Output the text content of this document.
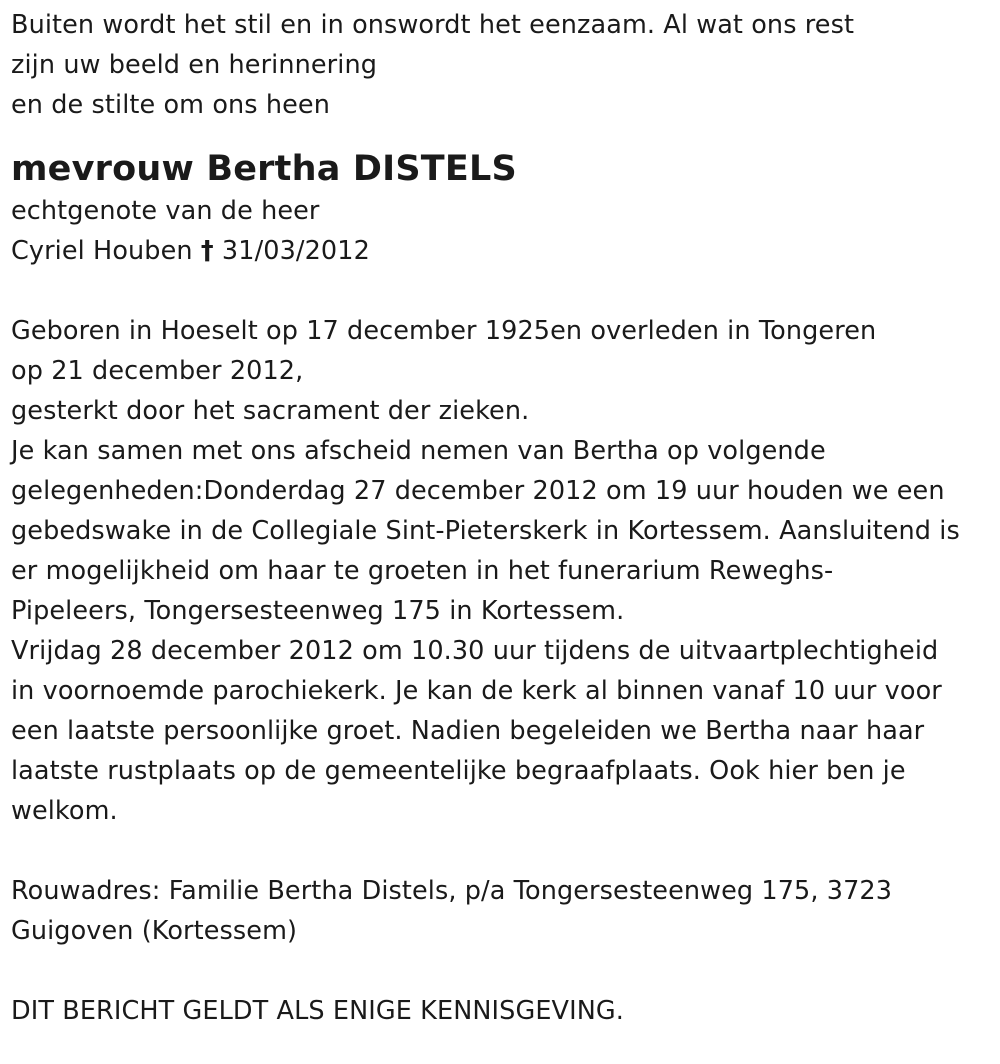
Buiten wordt het stil en in onswordt het eenzaam. Al wat ons rest
zijn uw beeld en herinnering
en de stilte om ons heen
mevrouw Bertha DISTELS
echtgenote van de heer
Cyriel Houben † 31/03/2012
Geboren in Hoeselt op 17 december 1925en overleden in Tongeren
op 21 december 2012,
gesterkt door het sacrament der zieken.
Je kan samen met ons afscheid nemen van Bertha op volgende
gelegenheden:Donderdag 27 december 2012 om 19 uur houden we een
gebedswake in de Collegiale Sint-Pieterskerk in Kortessem. Aansluitend is
er mogelijkheid om haar te groeten in het funerarium Reweghs-
Pipeleers, Tongersesteenweg 175 in Kortessem.
Vrijdag 28 december 2012 om 10.30 uur tijdens de uitvaartplechtigheid
in voornoemde parochiekerk. Je kan de kerk al binnen vanaf 10 uur voor
een laatste persoonlijke groet. Nadien begeleiden we Bertha naar haar
laatste rustplaats op de gemeentelijke begraafplaats. Ook hier ben je
welkom.
Rouwadres: Familie Bertha Distels, p/a Tongersesteenweg 175, 3723
Guigoven (Kortessem)
DIT BERICHT GELDT ALS ENIGE KENNISGEVING.
